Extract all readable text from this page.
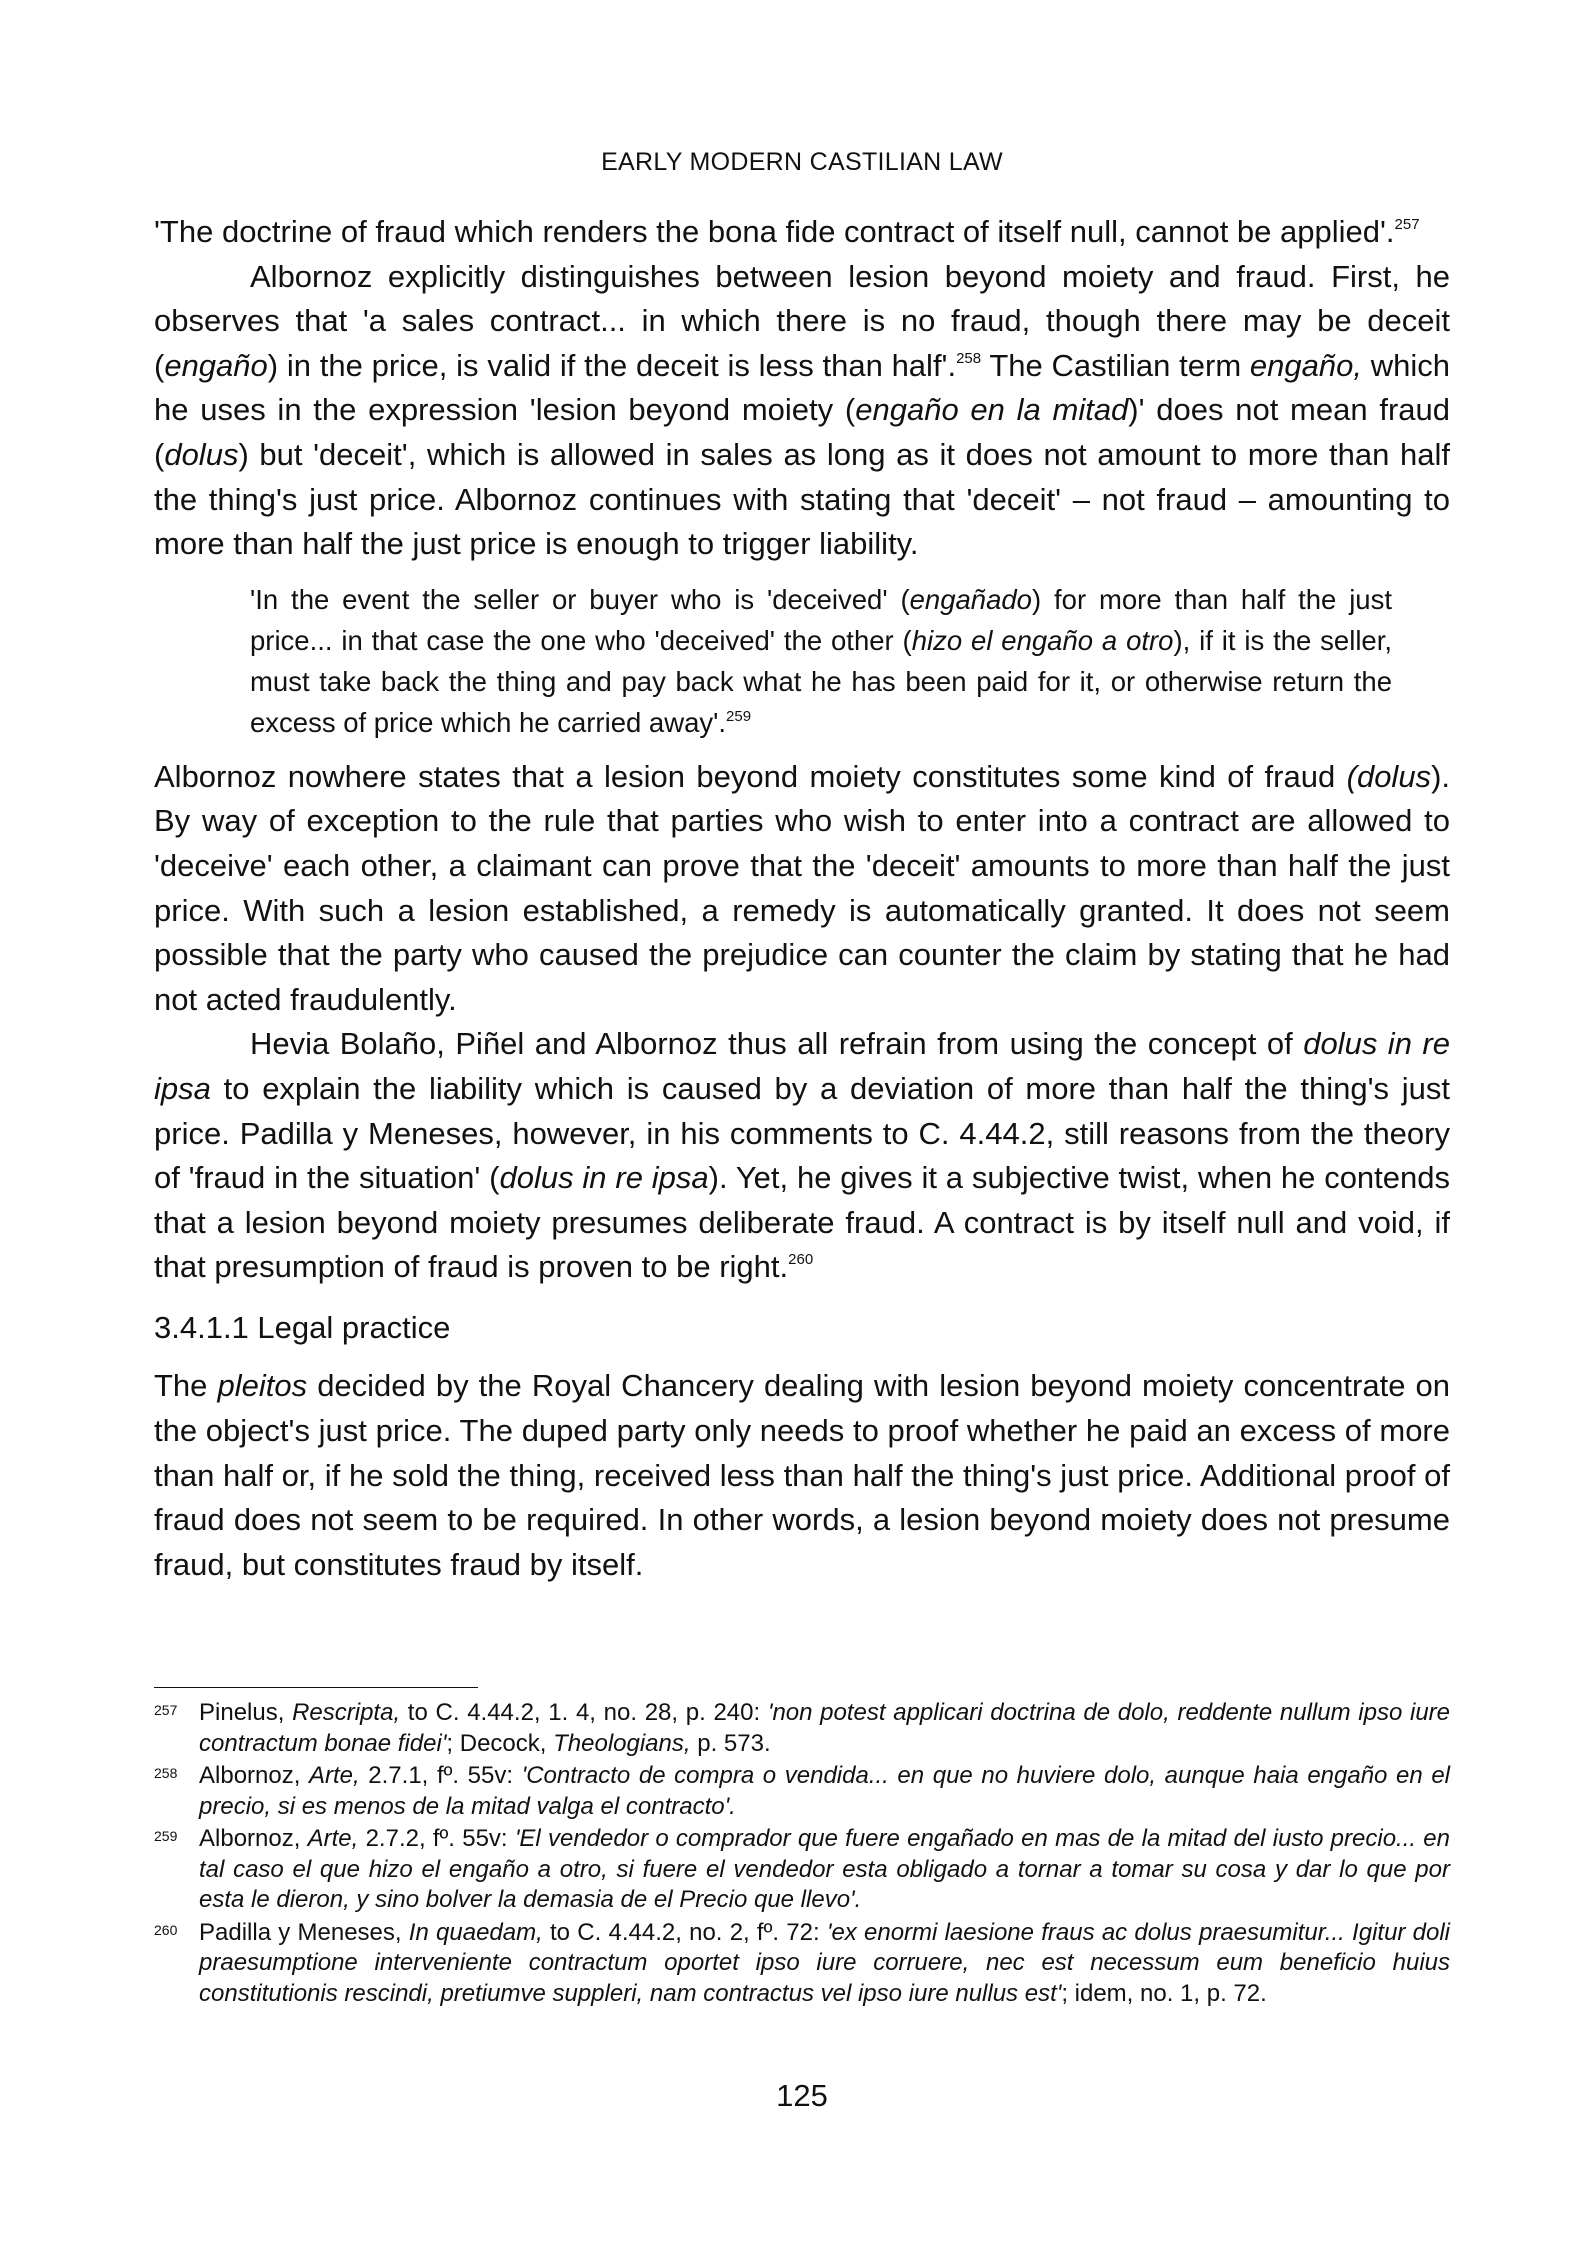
EARLY MODERN CASTILIAN LAW

'The doctrine of fraud which renders the bona fide contract of itself null, cannot be applied'.$^{257}$

Albornoz explicitly distinguishes between lesion beyond moiety and fraud. First, he observes that 'a sales contract... in which there is no fraud, though there may be deceit (engaño) in the price, is valid if the deceit is less than half'.$^{258}$ The Castilian term engaño, which he uses in the expression 'lesion beyond moiety (engaño en la mitad)' does not mean fraud (dolus) but 'deceit', which is allowed in sales as long as it does not amount to more than half the thing's just price. Albornoz continues with stating that 'deceit' – not fraud – amounting to more than half the just price is enough to trigger liability.

'In the event the seller or buyer who is 'deceived' (engañado) for more than half the just price... in that case the one who 'deceived' the other (hizo el engaño a otro), if it is the seller, must take back the thing and pay back what he has been paid for it, or otherwise return the excess of price which he carried away'.$^{259}$

Albornoz nowhere states that a lesion beyond moiety constitutes some kind of fraud (dolus). By way of exception to the rule that parties who wish to enter into a contract are allowed to 'deceive' each other, a claimant can prove that the 'deceit' amounts to more than half the just price. With such a lesion established, a remedy is automatically granted. It does not seem possible that the party who caused the prejudice can counter the claim by stating that he had not acted fraudulently.

Hevia Bolaño, Piñel and Albornoz thus all refrain from using the concept of dolus in re ipsa to explain the liability which is caused by a deviation of more than half the thing's just price. Padilla y Meneses, however, in his comments to C. 4.44.2, still reasons from the theory of 'fraud in the situation' (dolus in re ipsa). Yet, he gives it a subjective twist, when he contends that a lesion beyond moiety presumes deliberate fraud. A contract is by itself null and void, if that presumption of fraud is proven to be right.$^{260}$

3.4.1.1 Legal practice

The pleitos decided by the Royal Chancery dealing with lesion beyond moiety concentrate on the object's just price. The duped party only needs to proof whether he paid an excess of more than half or, if he sold the thing, received less than half the thing's just price. Additional proof of fraud does not seem to be required. In other words, a lesion beyond moiety does not presume fraud, but constitutes fraud by itself.

257 Pinelus, Rescripta, to C. 4.44.2, 1. 4, no. 28, p. 240: 'non potest applicari doctrina de dolo, reddente nullum ipso iure contractum bonae fidei'; Decock, Theologians, p. 573.
258 Albornoz, Arte, 2.7.1, fº. 55v: 'Contracto de compra o vendida... en que no huviere dolo, aunque haia engaño en el precio, si es menos de la mitad valga el contracto'.
259 Albornoz, Arte, 2.7.2, fº. 55v: 'El vendedor o comprador que fuere engañado en mas de la mitad del iusto precio... en tal caso el que hizo el engaño a otro, si fuere el vendedor esta obligado a tornar a tomar su cosa y dar lo que por esta le dieron, y sino bolver la demasia de el Precio que llevo'.
260 Padilla y Meneses, In quaedam, to C. 4.44.2, no. 2, fº. 72: 'ex enormi laesione fraus ac dolus praesumitur... Igitur doli praesumptione interveniente contractum oportet ipso iure corruere, nec est necessum eum beneficio huius constitutionis rescindi, pretiumve suppleri, nam contractus vel ipso iure nullus est'; idem, no. 1, p. 72.
125
